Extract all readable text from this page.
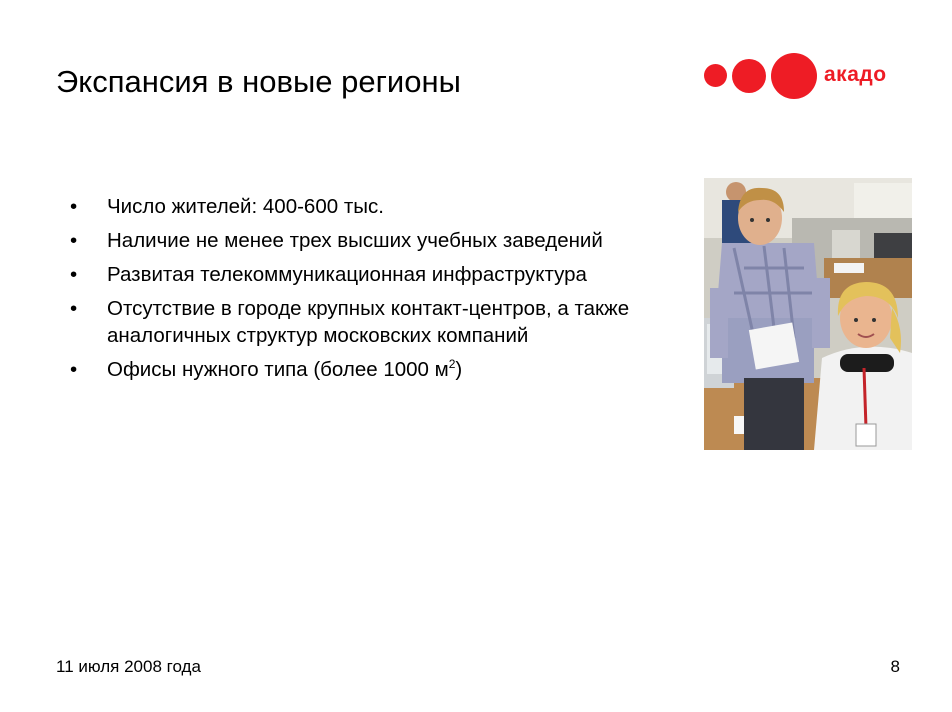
Экспансия в новые регионы	акадо
• Число жителей: 400-600 тыс.
• Наличие не менее трех высших учебных заведений
• Развитая телекоммуникационная инфраструктура
• Отсутствие в городе крупных контакт-центров, а также аналогичных структур московских компаний
• Офисы нужного типа (более 1000 $м^2$)
11 июля 2008 года	8
